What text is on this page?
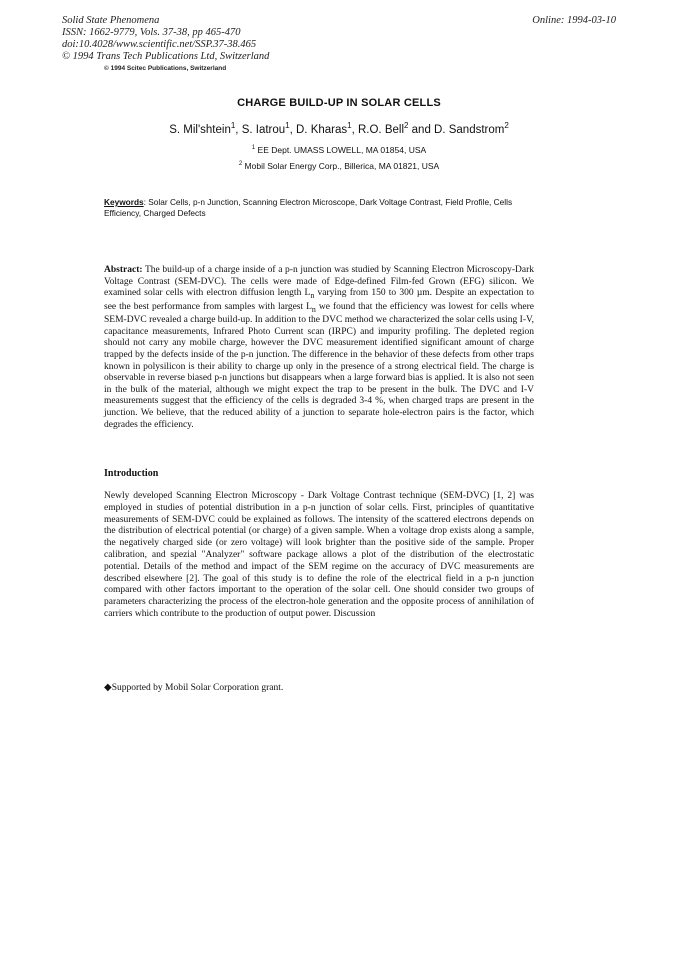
Solid State Phenomena
ISSN: 1662-9779, Vols. 37-38, pp 465-470
doi:10.4028/www.scientific.net/SSP.37-38.465
© 1994 Trans Tech Publications Ltd, Switzerland
© 1994 Scitec Publications, Switzerland
Online: 1994-03-10
CHARGE BUILD-UP IN SOLAR CELLS
S. Mil'shtein$^1$, S. Iatrou$^1$, D. Kharas$^1$, R.O. Bell$^2$ and D. Sandstrom$^2$
$^1$ EE Dept. UMASS LOWELL, MA 01854, USA
$^2$ Mobil Solar Energy Corp., Billerica, MA 01821, USA
Keywords: Solar Cells, p-n Junction, Scanning Electron Microscope, Dark Voltage Contrast, Field Profile, Cells Efficiency, Charged Defects
Abstract: The build-up of a charge inside of a p-n junction was studied by Scanning Electron Microscopy-Dark Voltage Contrast (SEM-DVC). The cells were made of Edge-defined Film-fed Grown (EFG) silicon. We examined solar cells with electron diffusion length $L_n$ varying from 150 to 300 µm. Despite an expectation to see the best performance from samples with largest $L_n$ we found that the efficiency was lowest for cells where SEM-DVC revealed a charge build-up. In addition to the DVC method we characterized the solar cells using I-V, capacitance measurements, Infrared Photo Current scan (IRPC) and impurity profiling. The depleted region should not carry any mobile charge, however the DVC measurement identified significant amount of charge trapped by the defects inside of the p-n junction. The difference in the behavior of these defects from other traps known in polysilicon is their ability to charge up only in the presence of a strong electrical field. The charge is observable in reverse biased p-n junctions but disappears when a large forward bias is applied. It is also not seen in the bulk of the material, although we might expect the trap to be present in the bulk. The DVC and I-V measurements suggest that the efficiency of the cells is degraded 3-4 %, when charged traps are present in the junction. We believe, that the reduced ability of a junction to separate hole-electron pairs is the factor, which degrades the efficiency.
Introduction
Newly developed Scanning Electron Microscopy - Dark Voltage Contrast technique (SEM-DVC) [1, 2] was employed in studies of potential distribution in a p-n junction of solar cells. First, principles of quantitative measurements of SEM-DVC could be explained as follows. The intensity of the scattered electrons depends on the distribution of electrical potential (or charge) of a given sample. When a voltage drop exists along a sample, the negatively charged side (or zero voltage) will look brighter than the positive side of the sample. Proper calibration, and spezial "Analyzer" software package allows a plot of the distribution of the electrostatic potential. Details of the method and impact of the SEM regime on the accuracy of DVC measurements are described elsewhere [2]. The goal of this study is to define the role of the electrical field in a p-n junction compared with other factors important to the operation of the solar cell. One should consider two groups of parameters characterizing the process of the electron-hole generation and the opposite process of annihilation of carriers which contribute to the production of output power. Discussion
◆Supported by Mobil Solar Corporation grant.
